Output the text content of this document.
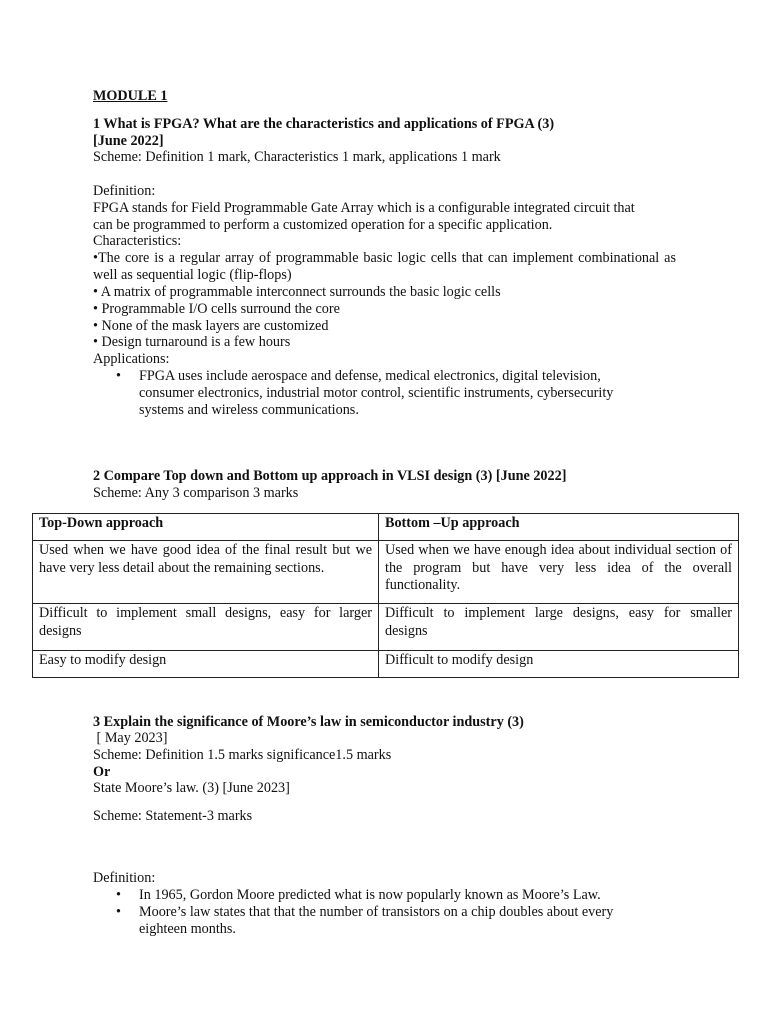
MODULE 1
1 What is FPGA? What are the characteristics and applications of FPGA (3)
[June 2022]
Scheme: Definition 1 mark, Characteristics 1 mark, applications 1 mark
Definition:
FPGA stands for Field Programmable Gate Array which is a configurable integrated circuit that
can be programmed to perform a customized operation for a specific application.
Characteristics:
•The core is a regular array of programmable basic logic cells that can implement combinational as well as sequential logic (flip-flops)
• A matrix of programmable interconnect surrounds the basic logic cells
• Programmable I/O cells surround the core
• None of the mask layers are customized
• Design turnaround is a few hours
Applications:
• FPGA uses include aerospace and defense, medical electronics, digital television,
consumer electronics, industrial motor control, scientific instruments, cybersecurity
systems and wireless communications.
2 Compare Top down and Bottom up approach in VLSI design (3) [June 2022]
Scheme: Any 3 comparison 3 marks
Top-Down approach	Bottom –Up approach
Used when we have good idea of the final result but we have very less detail about the remaining sections.	Used when we have enough idea about individual section of the program but have very less idea of the overall functionality.
Difficult to implement small designs, easy for larger designs	Difficult to implement large designs, easy for smaller designs
Easy to modify design	Difficult to modify design
3 Explain the significance of Moore’s law in semiconductor industry (3)
[ May 2023]
Scheme: Definition 1.5 marks significance1.5 marks
Or
State Moore’s law. (3) [June 2023]
Scheme: Statement-3 marks
Definition:
• In 1965, Gordon Moore predicted what is now popularly known as Moore’s Law.
• Moore’s law states that that the number of transistors on a chip doubles about every
eighteen months.
